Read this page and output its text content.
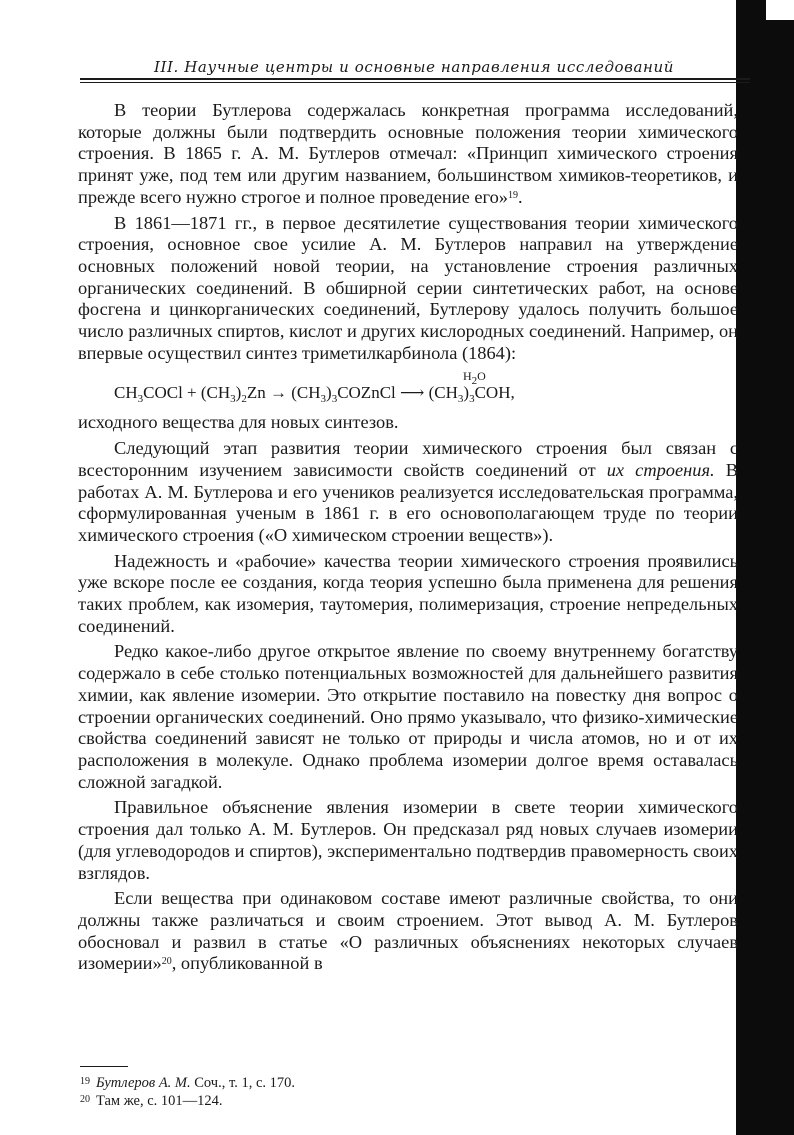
III. Научные центры и основные направления исследований

В теории Бутлерова содержалась конкретная программа исследований, которые должны были подтвердить основные положения теории химического строения. В 1865 г. А. М. Бутлеров отмечал: «Принцип химического строения принят уже, под тем или другим названием, большинством химиков-теоретиков, и прежде всего нужно строгое и полное проведение его»$^{19}$.

В 1861—1871 гг., в первое десятилетие существования теории химического строения, основное свое усилие А. М. Бутлеров направил на утверждение основных положений новой теории, на установление строения различных органических соединений. В обширной серии синтетических работ, на основе фосгена и цинкорганических соединений, Бутлерову удалось получить большое число различных спиртов, кислот и других кислородных соединений. Например, он впервые осуществил синтез триметилкарбинола (1864):

$H_2O$
$CH_3COCl + (CH_3)_2Zn$ → $(CH_3)_3COZnCl$ ⟶ $(CH_3)_3COH$,

исходного вещества для новых синтезов.

Следующий этап развития теории химического строения был связан с всесторонним изучением зависимости свойств соединений от их строения. В работах А. М. Бутлерова и его учеников реализуется исследовательская программа, сформулированная ученым в 1861 г. в его основополагающем труде по теории химического строения («О химическом строении веществ»).

Надежность и «рабочие» качества теории химического строения проявились уже вскоре после ее создания, когда теория успешно была применена для решения таких проблем, как изомерия, таутомерия, полимеризация, строение непредельных соединений.

Редко какое-либо другое открытое явление по своему внутреннему богатству содержало в себе столько потенциальных возможностей для дальнейшего развития химии, как явление изомерии. Это открытие поставило на повестку дня вопрос о строении органических соединений. Оно прямо указывало, что физико-химические свойства соединений зависят не только от природы и числа атомов, но и от их расположения в молекуле. Однако проблема изомерии долгое время оставалась сложной загадкой.

Правильное объяснение явления изомерии в свете теории химического строения дал только А. М. Бутлеров. Он предсказал ряд новых случаев изомерии (для углеводородов и спиртов), экспериментально подтвердив правомерность своих взглядов.

Если вещества при одинаковом составе имеют различные свойства, то они должны также различаться и своим строением. Этот вывод А. М. Бутлеров обосновал и развил в статье «О различных объяснениях некоторых случаев изомерии»$^{20}$, опубликованной в

$^{19}$ Бутлеров А. М. Соч., т. 1, с. 170.
$^{20}$ Там же, с. 101—124.
